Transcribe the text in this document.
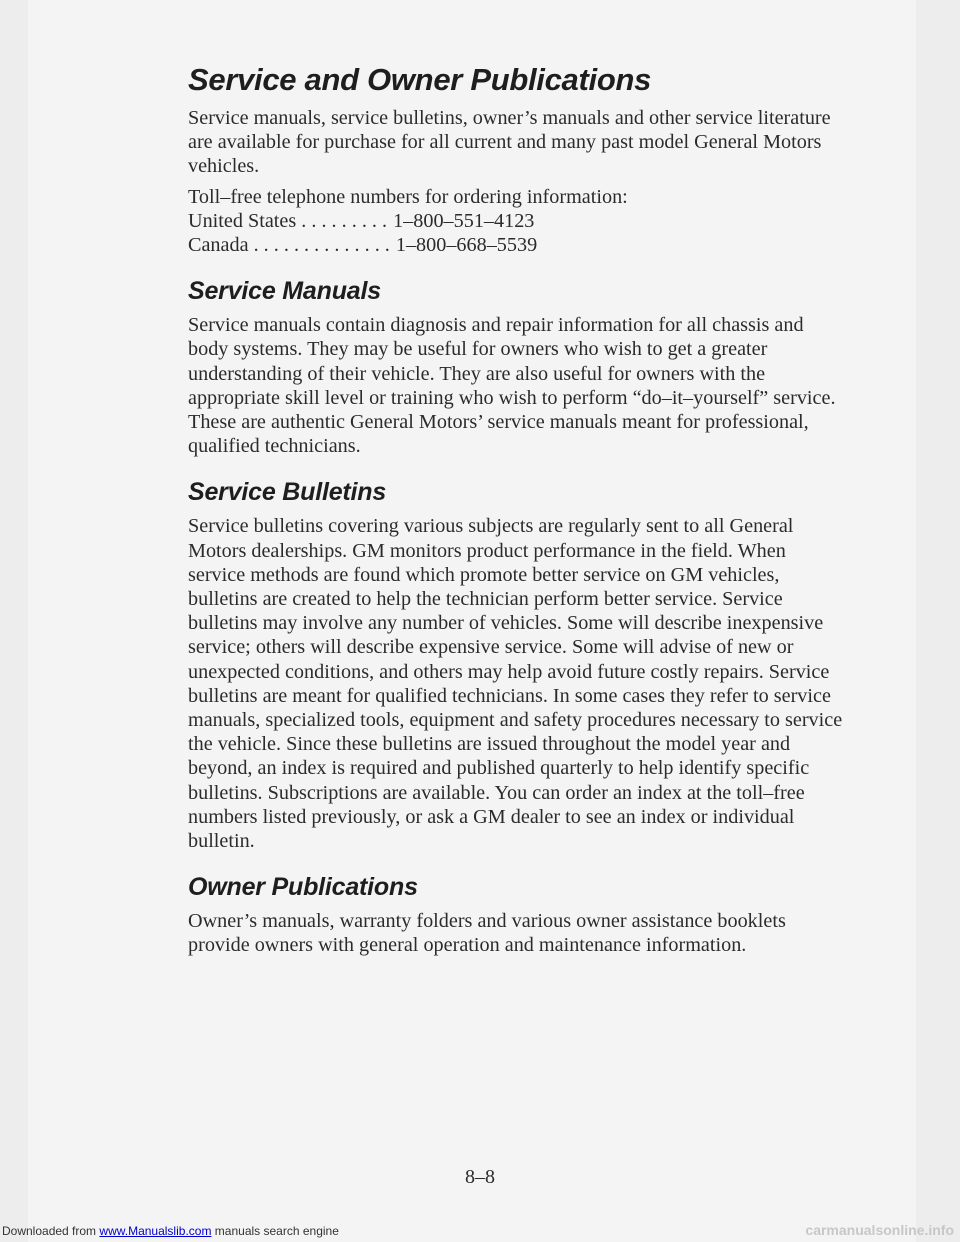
Service and Owner Publications

Service manuals, service bulletins, owner’s manuals and other service literature are available for purchase for all current and many past model General Motors vehicles.

Toll–free telephone numbers for ordering information:

United States . . . . . . . . . 1–800–551–4123
Canada . . . . . . . . . . . . . . 1–800–668–5539
Service Manuals

Service manuals contain diagnosis and repair information for all chassis and body systems. They may be useful for owners who wish to get a greater understanding of their vehicle. They are also useful for owners with the appropriate skill level or training who wish to perform “do–it–yourself” service. These are authentic General Motors’ service manuals meant for professional, qualified technicians.

Service Bulletins

Service bulletins covering various subjects are regularly sent to all General Motors dealerships. GM monitors product performance in the field. When service methods are found which promote better service on GM vehicles, bulletins are created to help the technician perform better service. Service bulletins may involve any number of vehicles. Some will describe inexpensive service; others will describe expensive service. Some will advise of new or unexpected conditions, and others may help avoid future costly repairs. Service bulletins are meant for qualified technicians. In some cases they refer to service manuals, specialized tools, equipment and safety procedures necessary to service the vehicle. Since these bulletins are issued throughout the model year and beyond, an index is required and published quarterly to help identify specific bulletins. Subscriptions are available. You can order an index at the toll–free numbers listed previously, or ask a GM dealer to see an index or individual bulletin.

Owner Publications

Owner’s manuals, warranty folders and various owner assistance booklets provide owners with general operation and maintenance information.

8–8
Downloaded from www.Manualslib.com manuals search engine	carmanualsonline.info
